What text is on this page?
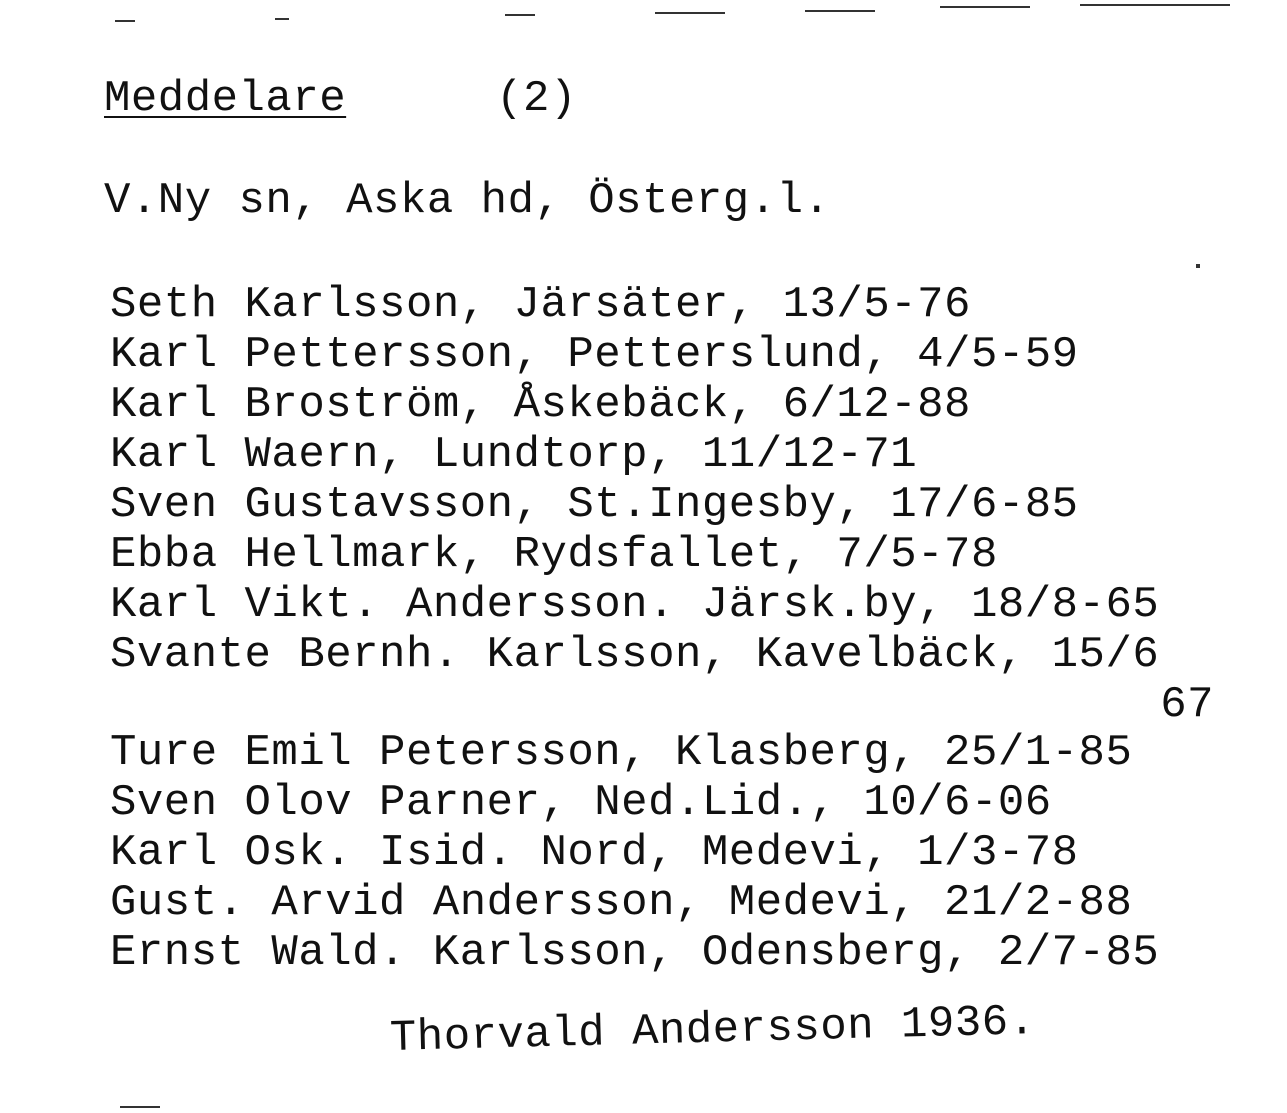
Meddelare	(2)
V.Ny sn, Aska hd, Österg.l.
Seth Karlsson, Järsäter, 13/5-76
Karl Pettersson, Petterslund, 4/5-59
Karl Broström, Åskebäck, 6/12-88
Karl Waern, Lundtorp, 11/12-71
Sven Gustavsson, St.Ingesby, 17/6-85
Ebba Hellmark, Rydsfallet, 7/5-78
Karl Vikt. Andersson. Järsk.by, 18/8-65
Svante Bernh. Karlsson, Kavelbäck, 15/6
67
Ture Emil Petersson, Klasberg, 25/1-85
Sven Olov Parner, Ned.Lid., 10/6-06
Karl Osk. Isid. Nord, Medevi, 1/3-78
Gust. Arvid Andersson, Medevi, 21/2-88
Ernst Wald. Karlsson, Odensberg, 2/7-85
Thorvald Andersson 1936.
